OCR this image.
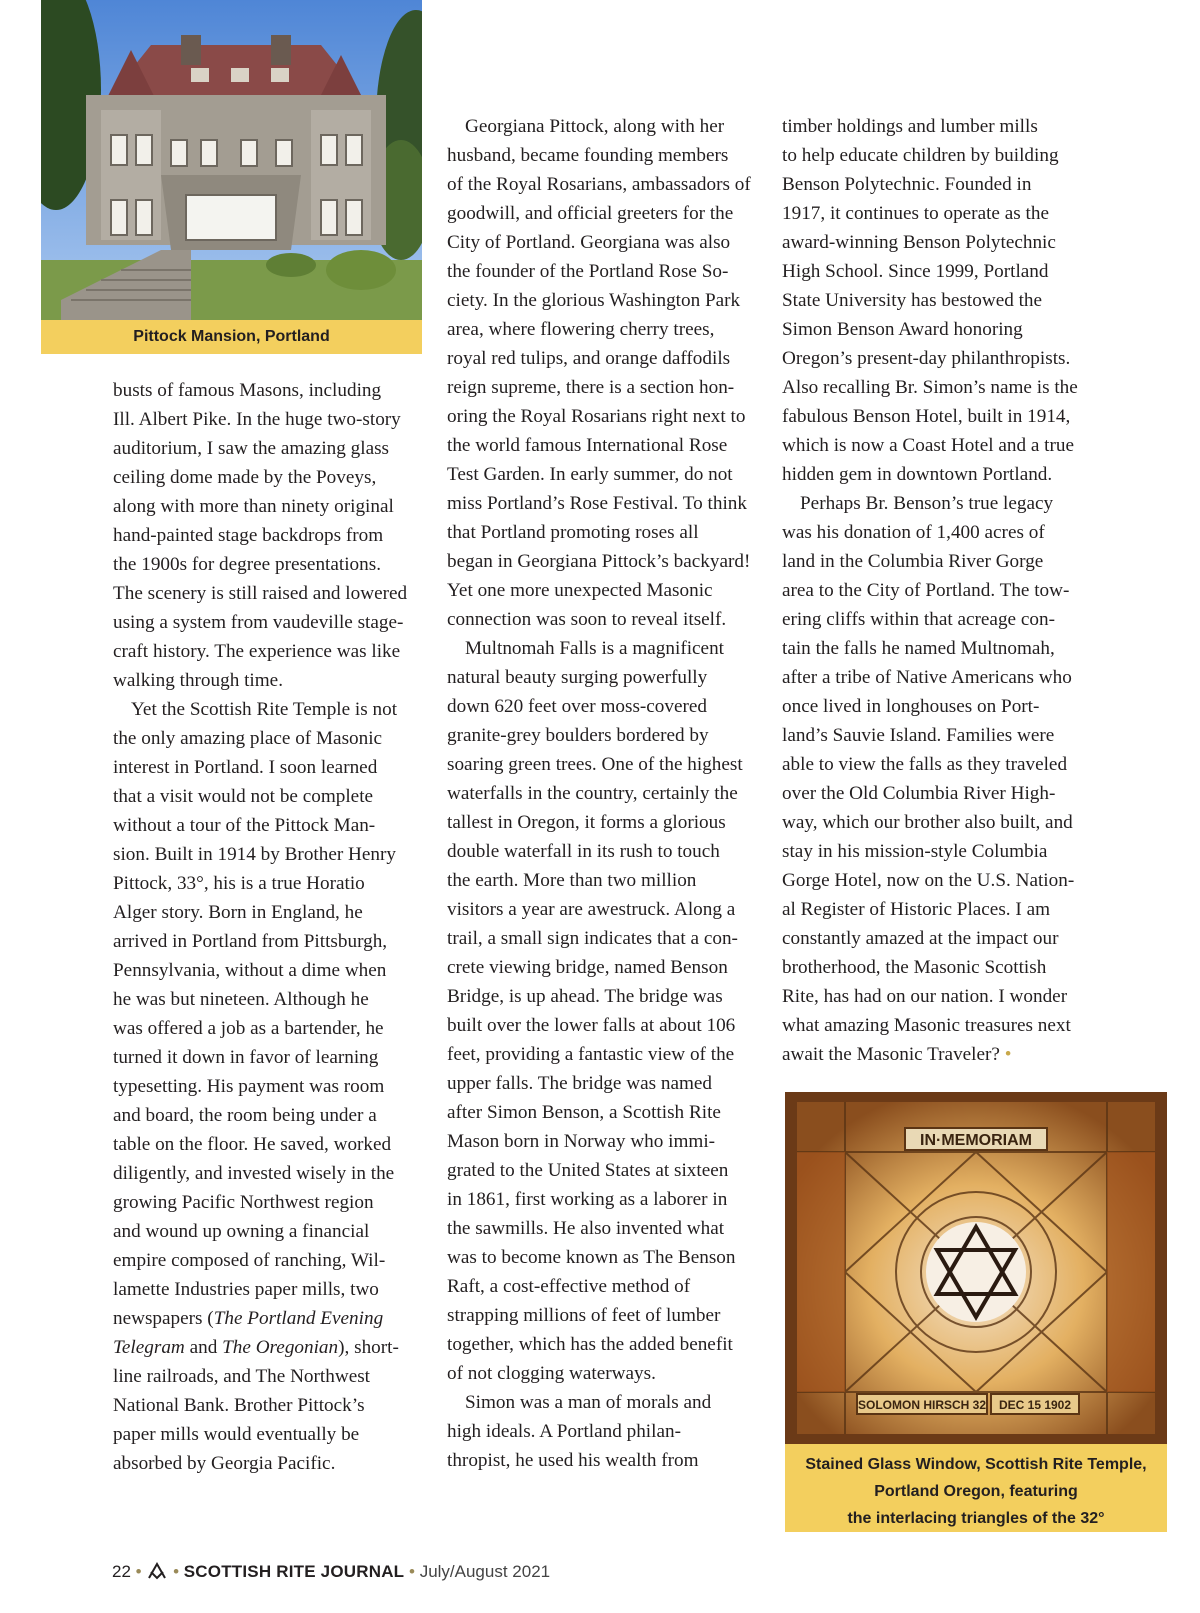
Pittock Mansion, Portland
busts of famous Masons, including
Ill. Albert Pike. In the huge two-story
auditorium, I saw the amazing glass
ceiling dome made by the Poveys,
along with more than ninety original
hand-painted stage backdrops from
the 1900s for degree presentations.
The scenery is still raised and lowered
using a system from vaudeville stage-
craft history. The experience was like
walking through time.
Yet the Scottish Rite Temple is not
the only amazing place of Masonic
interest in Portland. I soon learned
that a visit would not be complete
without a tour of the Pittock Man-
sion. Built in 1914 by Brother Henry
Pittock, 33°, his is a true Horatio
Alger story. Born in England, he
arrived in Portland from Pittsburgh,
Pennsylvania, without a dime when
he was but nineteen. Although he
was offered a job as a bartender, he
turned it down in favor of learning
typesetting. His payment was room
and board, the room being under a
table on the floor. He saved, worked
diligently, and invested wisely in the
growing Pacific Northwest region
and wound up owning a financial
empire composed of ranching, Wil-
lamette Industries paper mills, two
newspapers (The Portland Evening
Telegram and The Oregonian), short-
line railroads, and The Northwest
National Bank. Brother Pittock’s
paper mills would eventually be
absorbed by Georgia Pacific.
Georgiana Pittock, along with her
husband, became founding members
of the Royal Rosarians, ambassadors of
goodwill, and official greeters for the
City of Portland. Georgiana was also
the founder of the Portland Rose So-
ciety. In the glorious Washington Park
area, where flowering cherry trees,
royal red tulips, and orange daffodils
reign supreme, there is a section hon-
oring the Royal Rosarians right next to
the world famous International Rose
Test Garden. In early summer, do not
miss Portland’s Rose Festival. To think
that Portland promoting roses all
began in Georgiana Pittock’s backyard!
Yet one more unexpected Masonic
connection was soon to reveal itself.
Multnomah Falls is a magnificent
natural beauty surging powerfully
down 620 feet over moss-covered
granite-grey boulders bordered by
soaring green trees. One of the highest
waterfalls in the country, certainly the
tallest in Oregon, it forms a glorious
double waterfall in its rush to touch
the earth. More than two million
visitors a year are awestruck. Along a
trail, a small sign indicates that a con-
crete viewing bridge, named Benson
Bridge, is up ahead. The bridge was
built over the lower falls at about 106
feet, providing a fantastic view of the
upper falls. The bridge was named
after Simon Benson, a Scottish Rite
Mason born in Norway who immi-
grated to the United States at sixteen
in 1861, first working as a laborer in
the sawmills. He also invented what
was to become known as The Benson
Raft, a cost-effective method of
strapping millions of feet of lumber
together, which has the added benefit
of not clogging waterways.
Simon was a man of morals and
high ideals. A Portland philan-
thropist, he used his wealth from
timber holdings and lumber mills
to help educate children by building
Benson Polytechnic. Founded in
1917, it continues to operate as the
award-winning Benson Polytechnic
High School. Since 1999, Portland
State University has bestowed the
Simon Benson Award honoring
Oregon’s present-day philanthropists.
Also recalling Br. Simon’s name is the
fabulous Benson Hotel, built in 1914,
which is now a Coast Hotel and a true
hidden gem in downtown Portland.
Perhaps Br. Benson’s true legacy
was his donation of 1,400 acres of
land in the Columbia River Gorge
area to the City of Portland. The tow-
ering cliffs within that acreage con-
tain the falls he named Multnomah,
after a tribe of Native Americans who
once lived in longhouses on Port-
land’s Sauvie Island. Families were
able to view the falls as they traveled
over the Old Columbia River High-
way, which our brother also built, and
stay in his mission-style Columbia
Gorge Hotel, now on the U.S. Nation-
al Register of Historic Places. I am
constantly amazed at the impact our
brotherhood, the Masonic Scottish
Rite, has had on our nation. I wonder
what amazing Masonic treasures next
await the Masonic Traveler? •
IN·MEMORIAM
SOLOMON HIRSCH 32 DEC 15 1902
Stained Glass Window, Scottish Rite Temple,
Portland Oregon, featuring
the interlacing triangles of the 32°
22 • • SCOTTISH RITE JOURNAL • July/August 2021
